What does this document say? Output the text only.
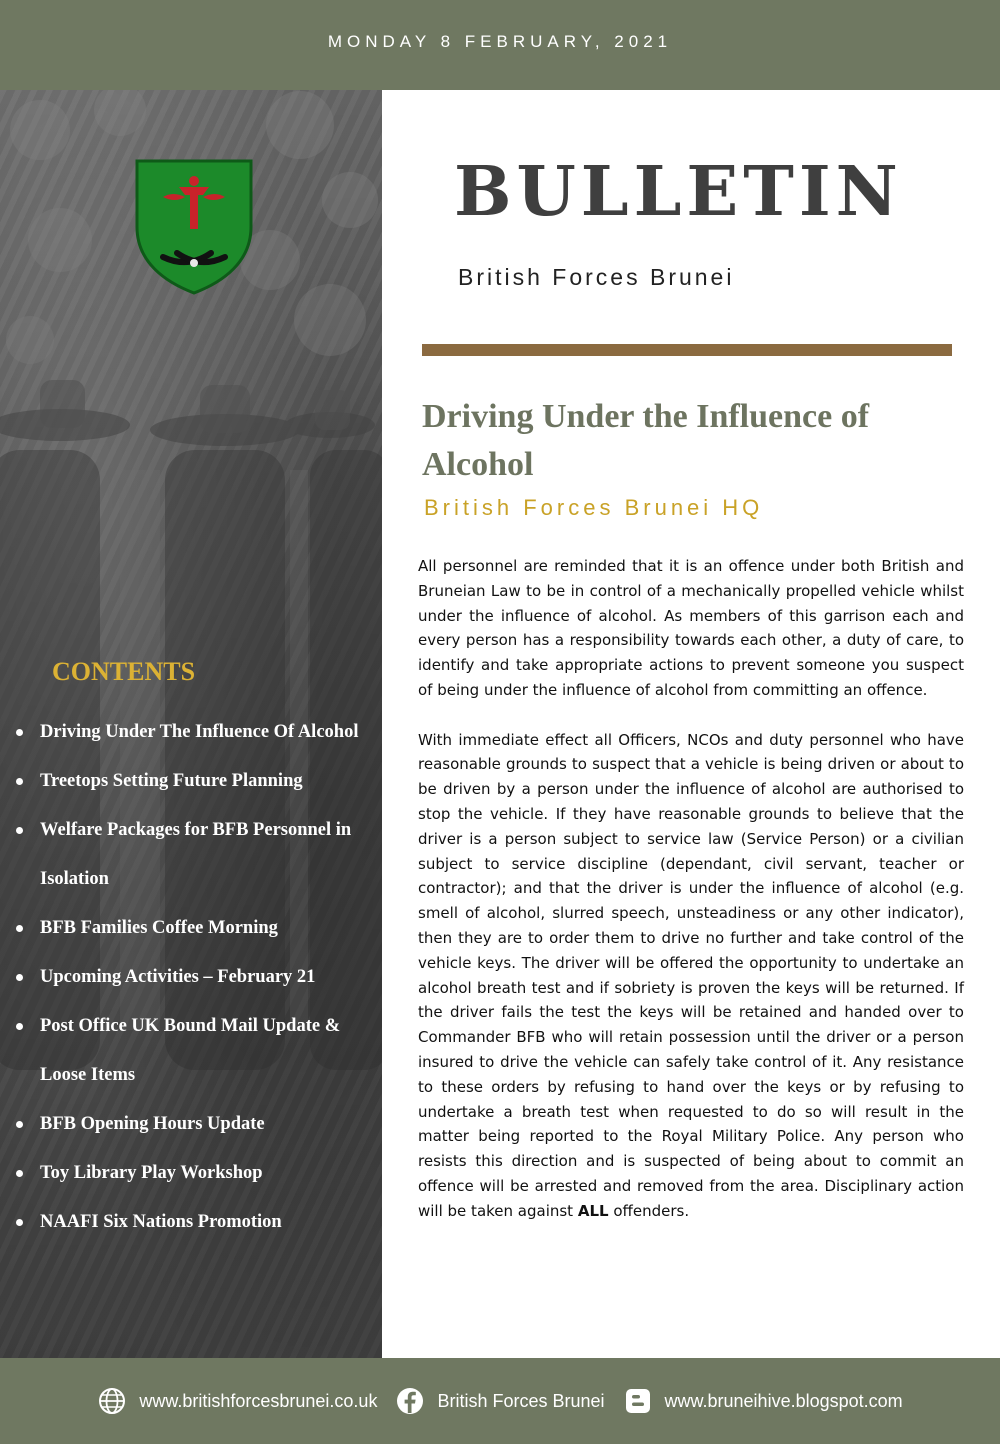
MONDAY 8 FEBRUARY, 2021
CONTENTS
Driving Under The Influence Of Alcohol
Treetops Setting Future Planning
Welfare Packages for BFB Personnel in Isolation
BFB Families Coffee Morning
Upcoming Activities – February 21
Post Office UK Bound Mail Update & Loose Items
BFB Opening Hours Update
Toy Library Play Workshop
NAAFI Six Nations Promotion
BULLETIN
British Forces Brunei
Driving Under the Influence of Alcohol
British Forces Brunei HQ

All personnel are reminded that it is an offence under both British and Bruneian Law to be in control of a mechanically propelled vehicle whilst under the influence of alcohol. As members of this garrison each and every person has a responsibility towards each other, a duty of care, to identify and take appropriate actions to prevent someone you suspect of being under the influence of alcohol from committing an offence.

With immediate effect all Officers, NCOs and duty personnel who have reasonable grounds to suspect that a vehicle is being driven or about to be driven by a person under the influence of alcohol are authorised to stop the vehicle. If they have reasonable grounds to believe that the driver is a person subject to service law (Service Person) or a civilian subject to service discipline (dependant, civil servant, teacher or contractor); and that the driver is under the influence of alcohol (e.g. smell of alcohol, slurred speech, unsteadiness or any other indicator), then they are to order them to drive no further and take control of the vehicle keys. The driver will be offered the opportunity to undertake an alcohol breath test and if sobriety is proven the keys will be returned. If the driver fails the test the keys will be retained and handed over to Commander BFB who will retain possession until the driver or a person insured to drive the vehicle can safely take control of it. Any resistance to these orders by refusing to hand over the keys or by refusing to undertake a breath test when requested to do so will result in the matter being reported to the Royal Military Police. Any person who resists this direction and is suspected of being about to commit an offence will be arrested and removed from the area. Disciplinary action will be taken against ALL offenders.

www.britishforcesbrunei.co.uk	British Forces Brunei	www.bruneihive.blogspot.com
